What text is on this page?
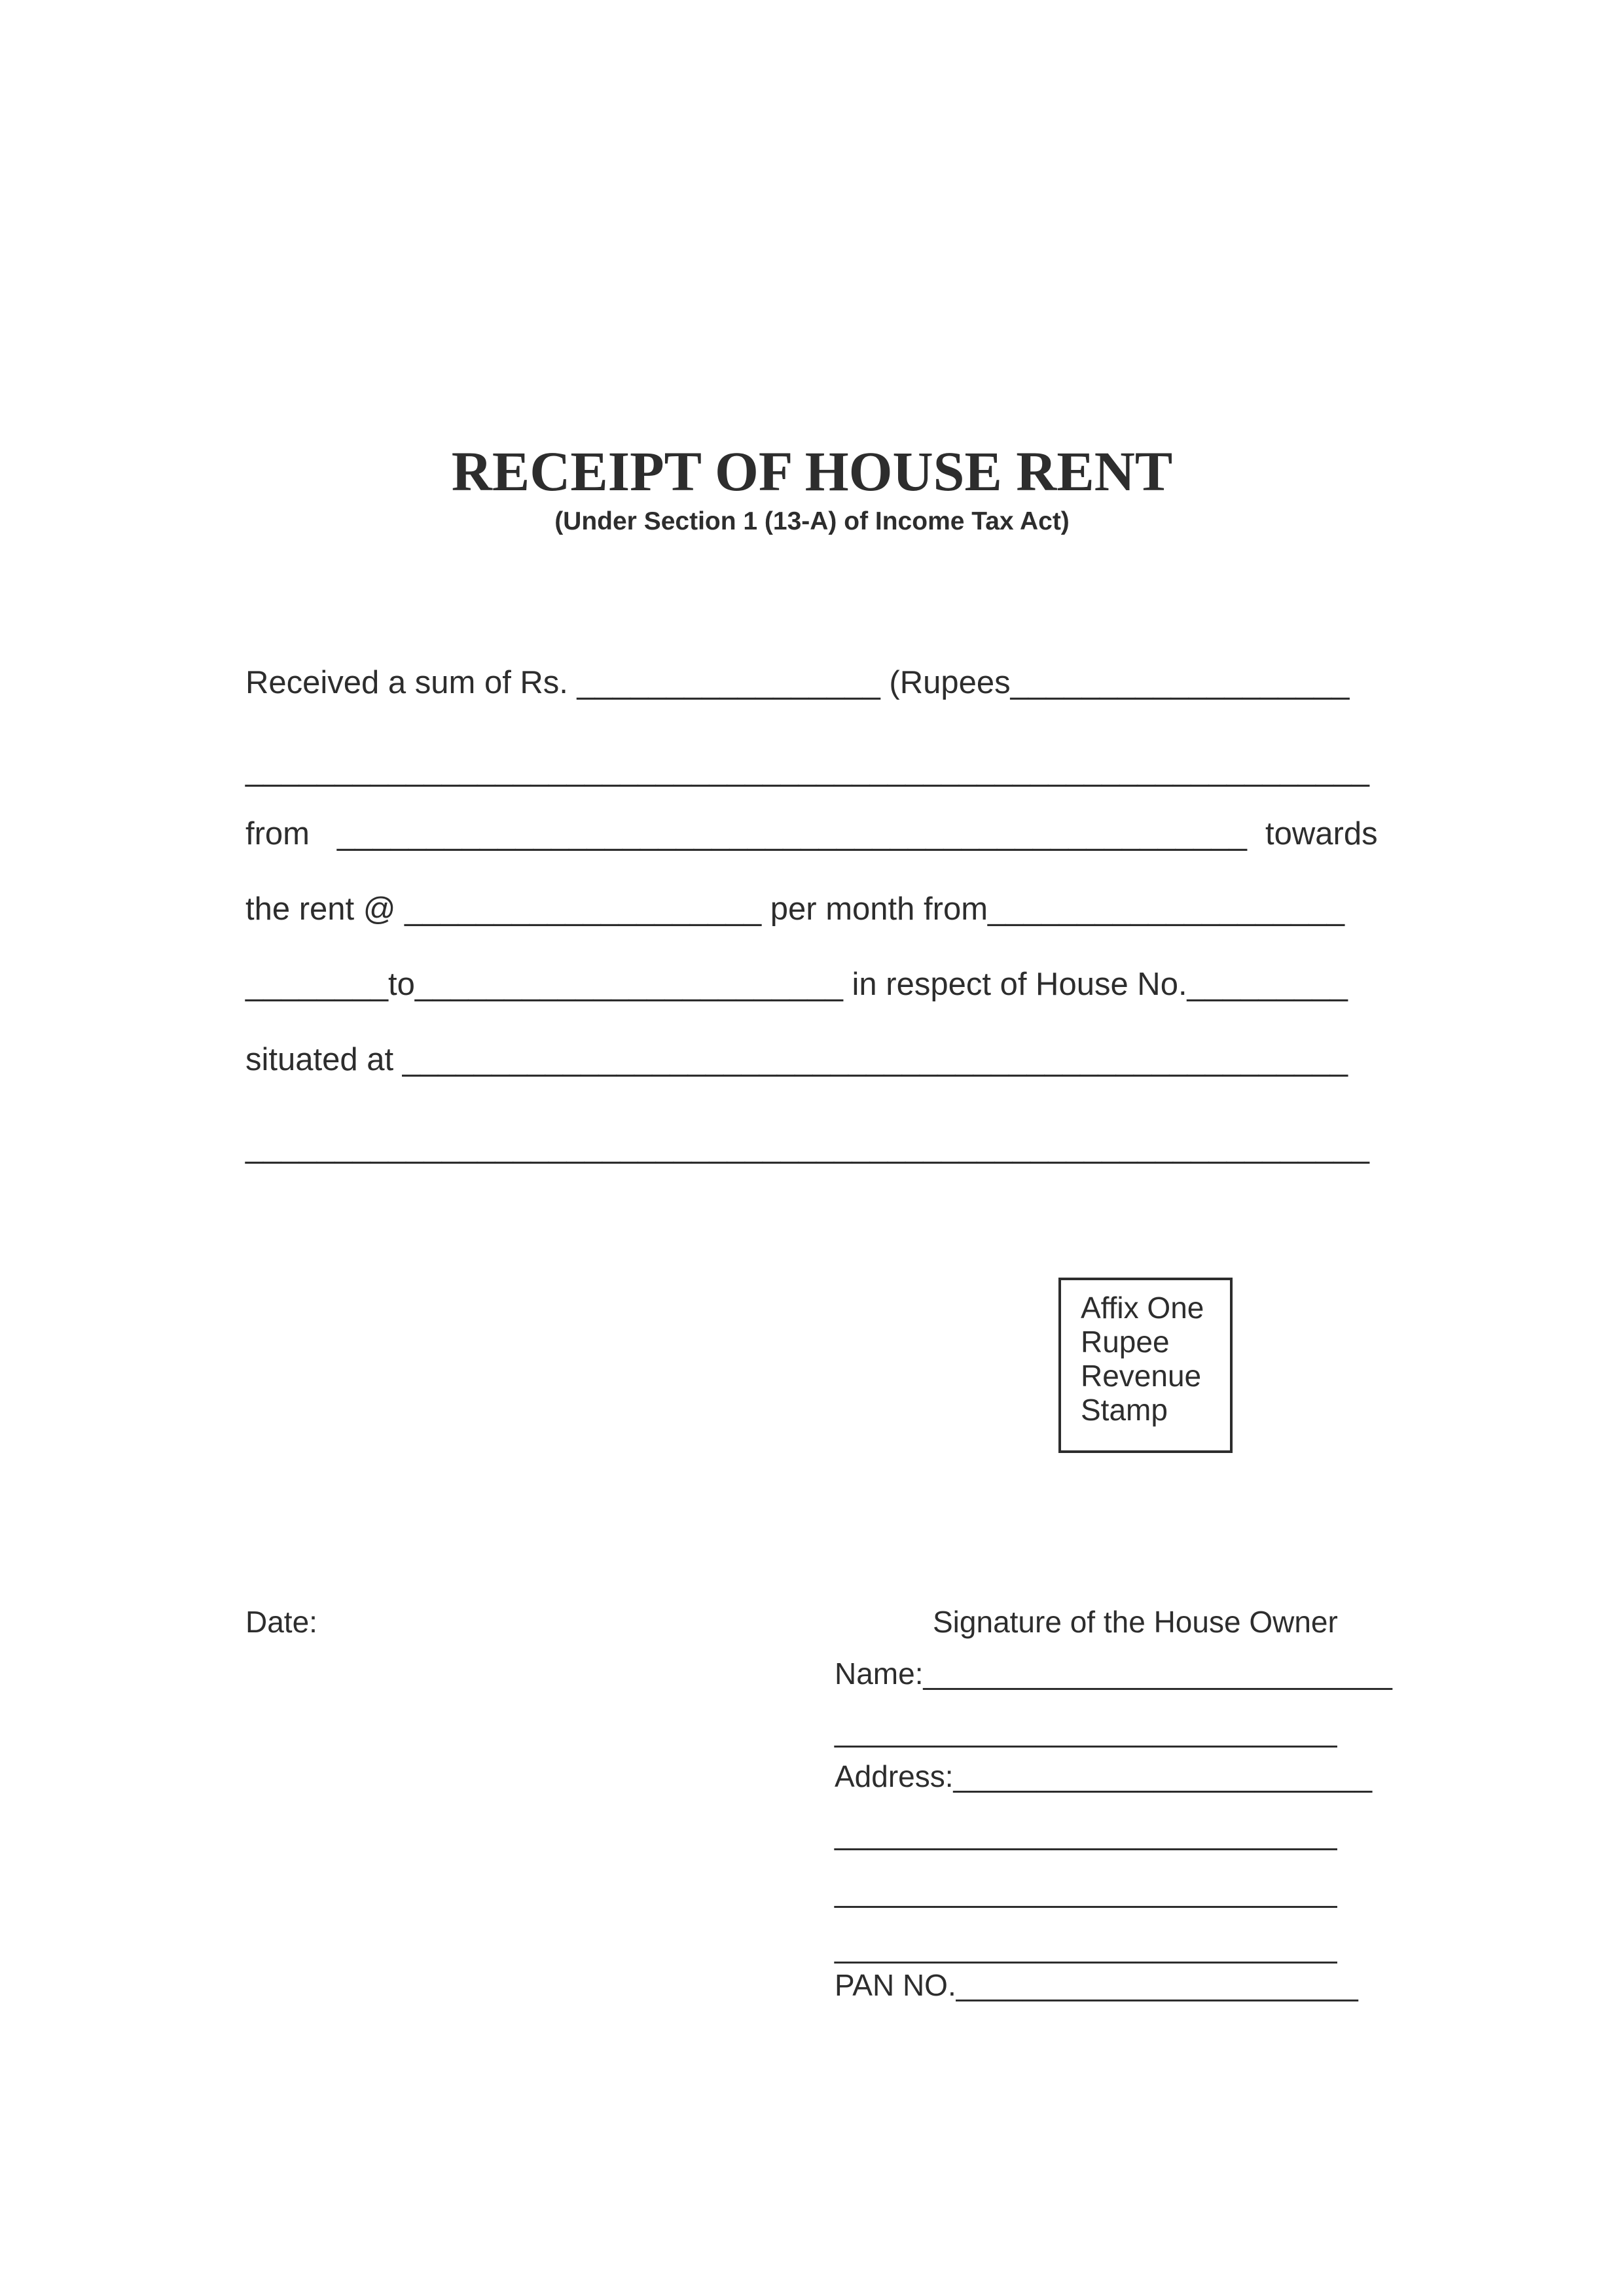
RECEIPT OF HOUSE RENT
(Under Section 1 (13-A) of Income Tax Act)
Received a sum of Rs. _________________ (Rupees___________________
_______________________________________________________________
from ___________________________________________________ towards
the rent @ ____________________ per month from____________________
________to________________________ in respect of House No._________
situated at _____________________________________________________
_______________________________________________________________

Affix One
Rupee
Revenue
Stamp

Date:	Signature of the House Owner
Name:____________________________
______________________________
Address:_________________________
______________________________
______________________________
______________________________
PAN NO.________________________
